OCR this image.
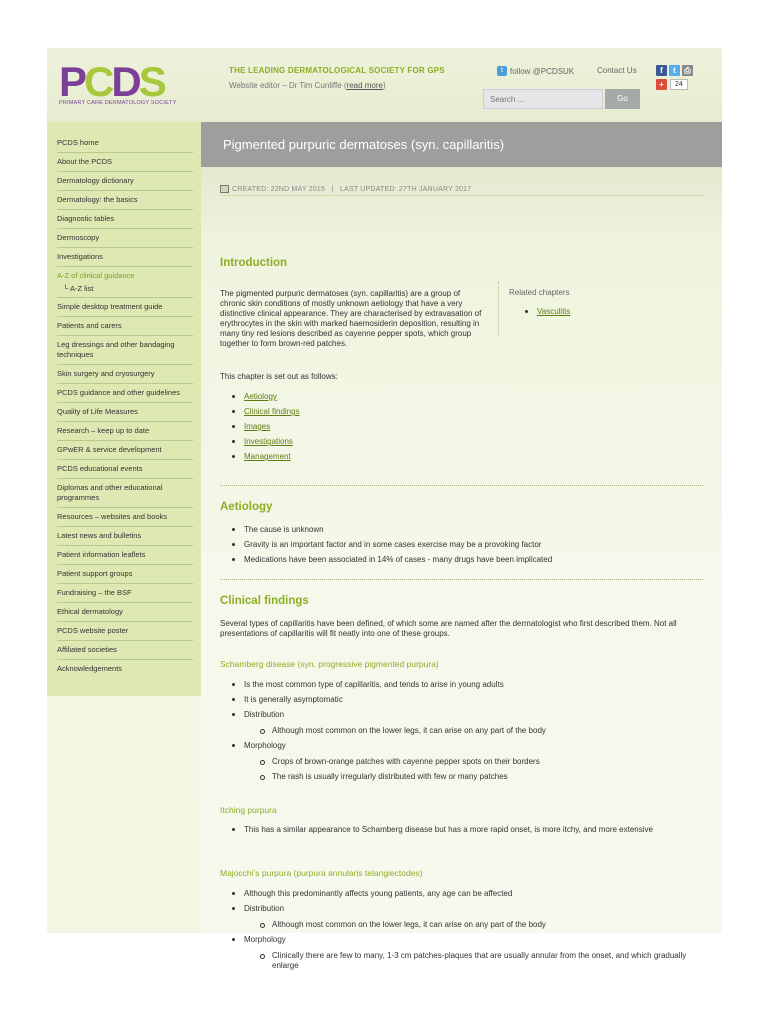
PCDS
PRIMARY CARE DERMATOLOGY SOCIETY
THE LEADING DERMATOLOGICAL SOCIETY FOR GPS
Website editor – Dr Tim Cunliffe (read more)
t follow @PCDSUK	Contact Us	f	t	⎙
+	24
Search ...
Go
PCDS home
About the PCDS
Dermatology dictionary
Dermatology: the basics
Diagnostic tables
Dermoscopy
Investigations
A-Z of clinical guidance
└ A-Z list
Simple desktop treatment guide
Patients and carers
Leg dressings and other bandaging techniques
Skin surgery and cryosurgery
PCDS guidance and other guidelines
Quality of Life Measures
Research – keep up to date
GPwER & service development
PCDS educational events
Diplomas and other educational programmes
Resources – websites and books
Latest news and bulletins
Patient information leaflets
Patient support groups
Fundraising – the BSF
Ethical dermatology
PCDS website poster
Affiliated societies
Acknowledgements
Pigmented purpuric dermatoses (syn. capillaritis)
CREATED: 22ND MAY 2015   |   LAST UPDATED: 27TH JANUARY 2017
Introduction

The pigmented purpuric dermatoses (syn. capillaritis) are a group of chronic skin conditions of mostly unknown aetiology that have a very distinctive clinical appearance. They are characterised by extravasation of erythrocytes in the skin with marked haemosiderin deposition, resulting in many tiny red lesions described as cayenne pepper spots, which group together to form brown-red patches.

This chapter is set out as follows:

Related chapters
Vasculitis
Aetiology
Clinical findings
Images
Investigations
Management
Aetiology
The cause is unknown
Gravity is an important factor and in some cases exercise may be a provoking factor
Medications have been associated in 14% of cases - many drugs have been implicated
Clinical findings

Several types of capillaritis have been defined, of which some are named after the dermatologist who first described them. Not all presentations of capillaritis will fit neatly into one of these groups.

Schamberg disease (syn. progressive pigmented purpura)
Is the most common type of capillaritis, and tends to arise in young adults
It is generally asymptomatic
Distribution
Although most common on the lower legs, it can arise on any part of the body
Morphology
Crops of brown-orange patches with cayenne pepper spots on their borders
The rash is usually irregularly distributed with few or many patches
Itching purpura
This has a similar appearance to Schamberg disease but has a more rapid onset, is more itchy, and more extensive
Majocchi’s purpura (purpura annularis telangiectodes)
Although this predominantly affects young patients, any age can be affected
Distribution
Although most common on the lower legs, it can arise on any part of the body
Morphology
Clinically there are few to many, 1-3 cm patches-plaques that are usually annular from the onset, and which gradually enlarge
